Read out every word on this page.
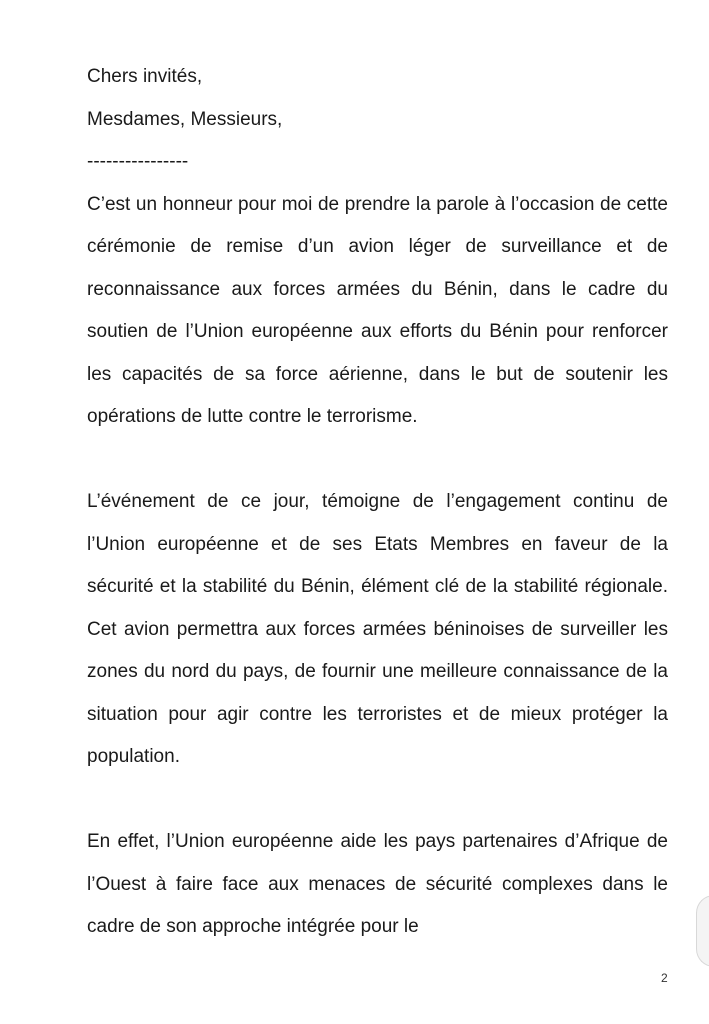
Chers invités,

Mesdames, Messieurs,

----------------

C’est un honneur pour moi de prendre la parole à l’occasion de cette cérémonie de remise d’un avion léger de surveillance et de reconnaissance aux forces armées du Bénin, dans le cadre du soutien de l’Union européenne aux efforts du Bénin pour renforcer les capacités de sa force aérienne, dans le but de soutenir les opérations de lutte contre le terrorisme.

L’événement de ce jour, témoigne de l’engagement continu de l’Union européenne et de ses Etats Membres en faveur de la sécurité et la stabilité du Bénin, élément clé de la stabilité régionale. Cet avion permettra aux forces armées béninoises de surveiller les zones du nord du pays, de fournir une meilleure connaissance de la situation pour agir contre les terroristes et de mieux protéger la population.

En effet, l’Union européenne aide les pays partenaires d’Afrique de l’Ouest à faire face aux menaces de sécurité complexes dans le cadre de son approche intégrée pour le

2
